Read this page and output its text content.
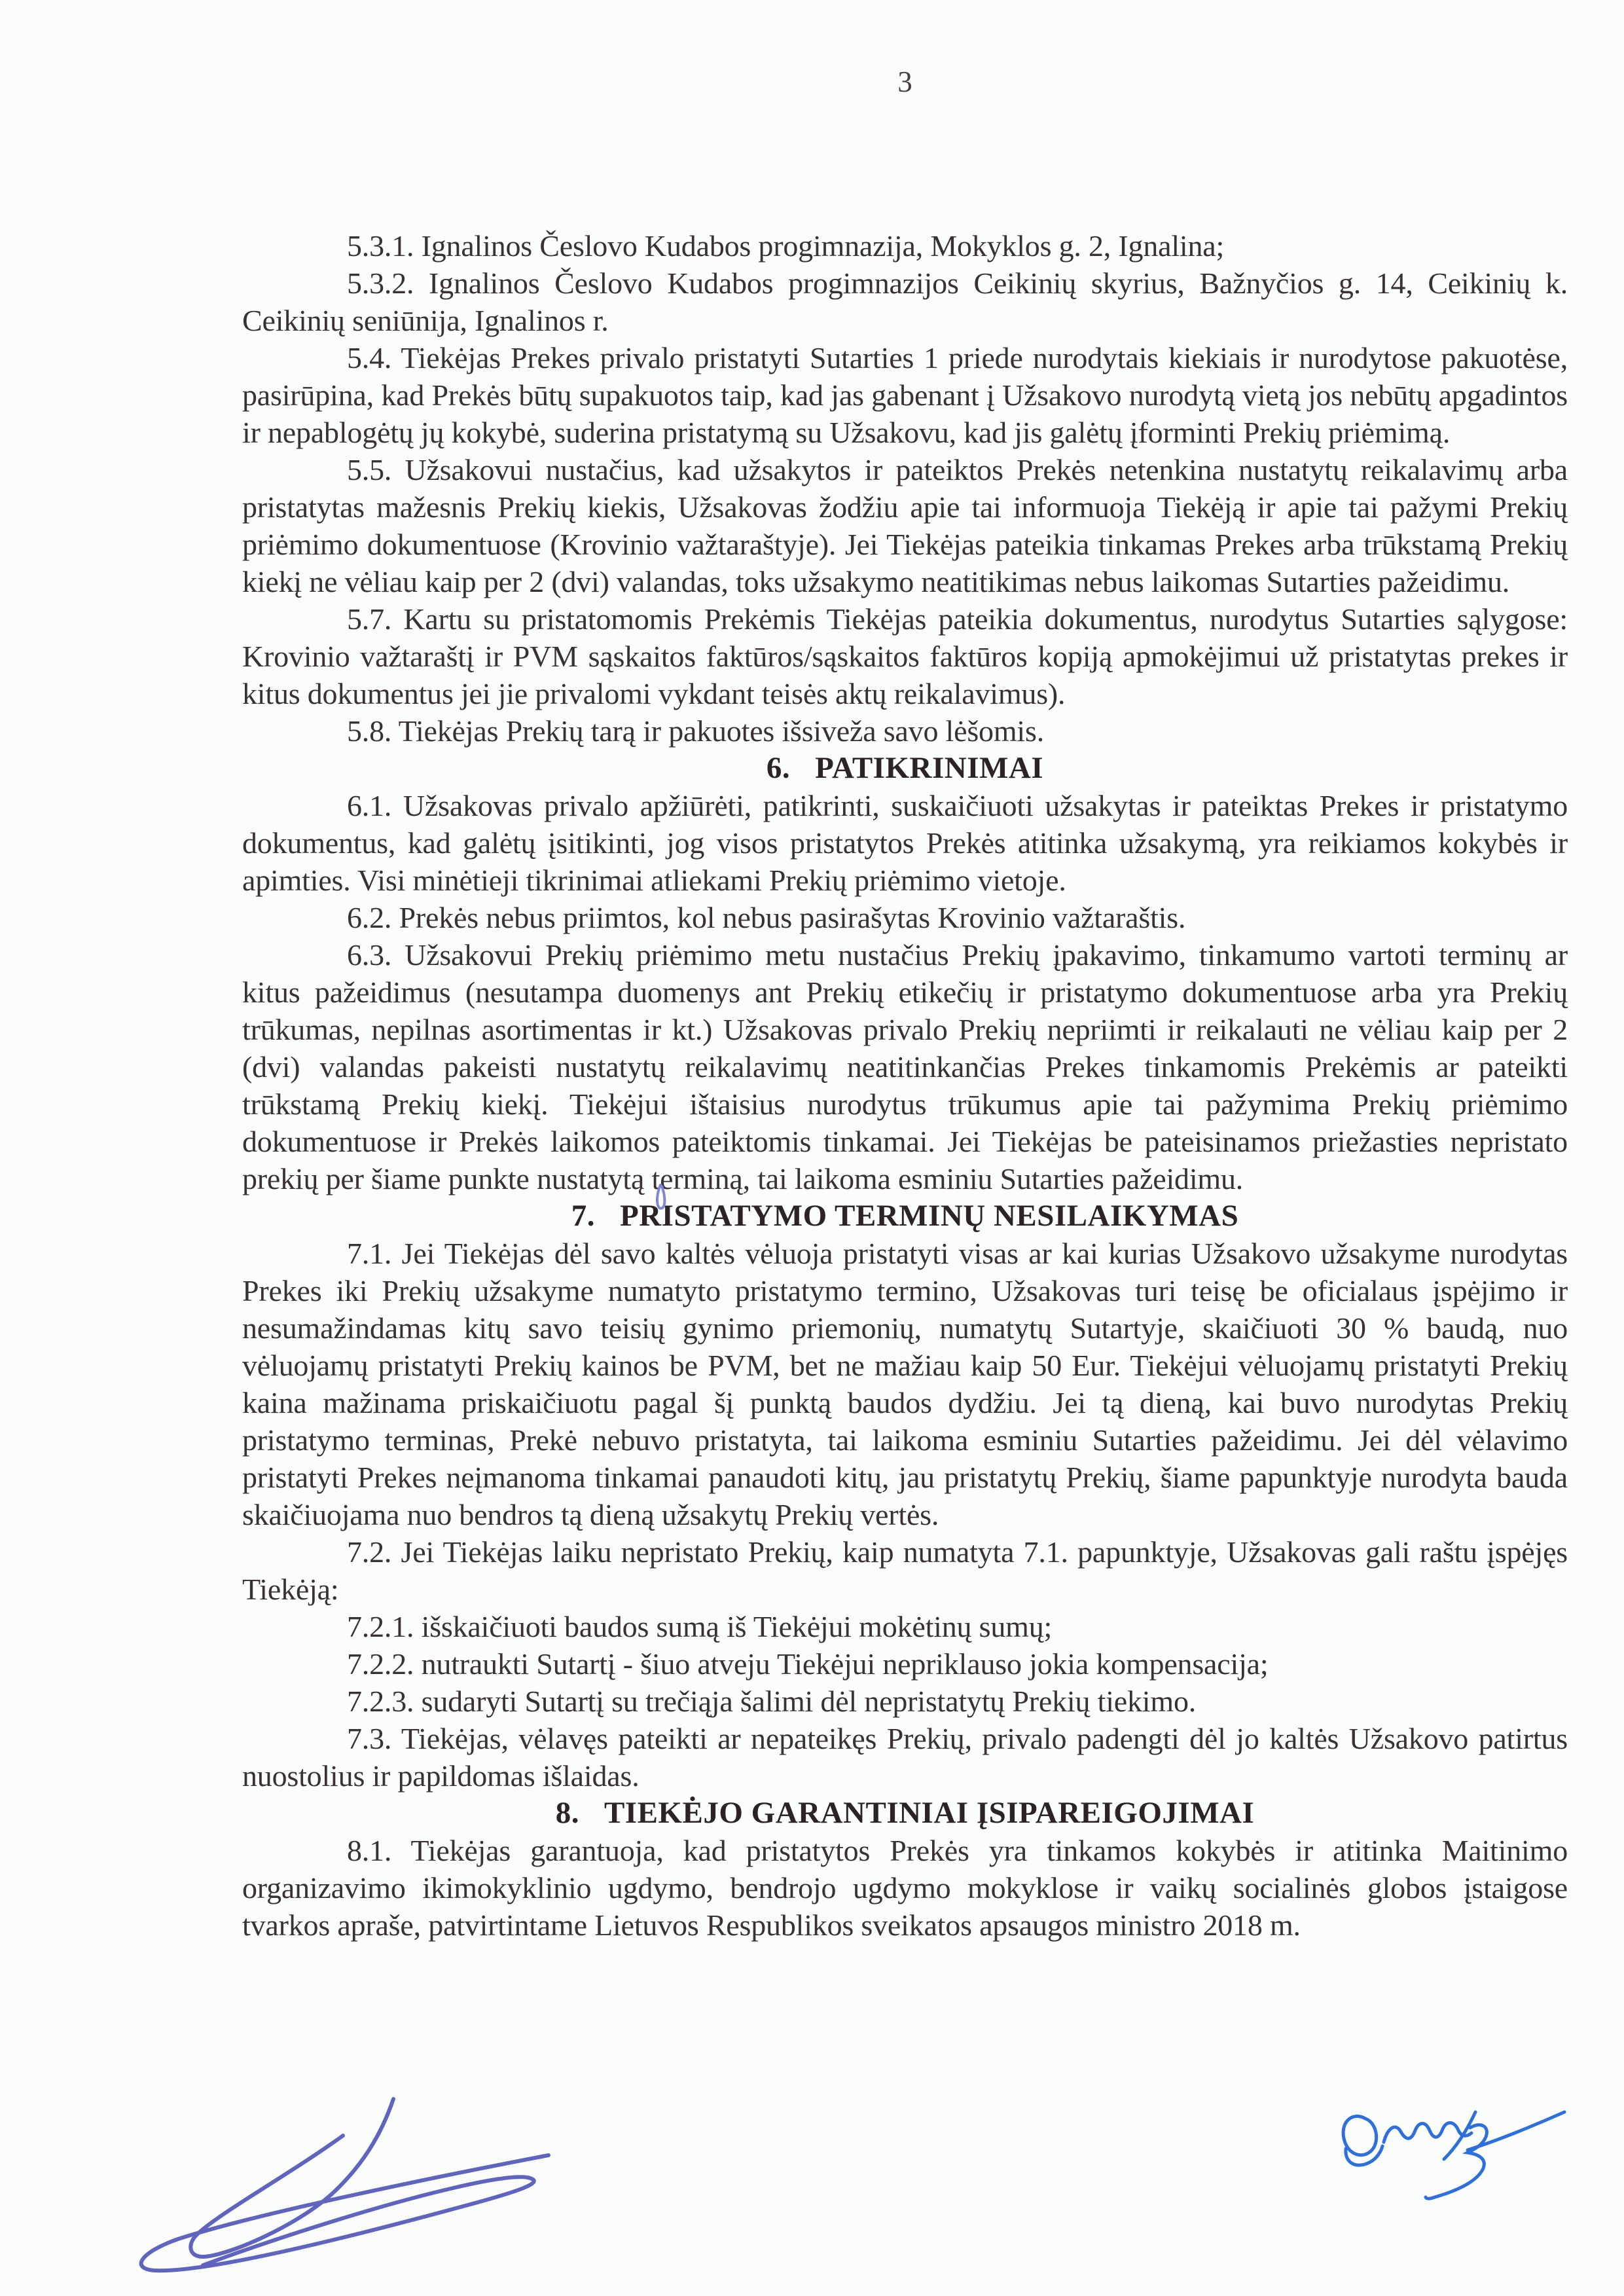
3

5.3.1. Ignalinos Česlovo Kudabos progimnazija, Mokyklos g. 2, Ignalina;

5.3.2. Ignalinos Česlovo Kudabos progimnazijos Ceikinių skyrius, Bažnyčios g. 14, Ceikinių k. Ceikinių seniūnija, Ignalinos r.

5.4. Tiekėjas Prekes privalo pristatyti Sutarties 1 priede nurodytais kiekiais ir nurodytose pakuotėse, pasirūpina, kad Prekės būtų supakuotos taip, kad jas gabenant į Užsakovo nurodytą vietą jos nebūtų apgadintos ir nepablogėtų jų kokybė, suderina pristatymą su Užsakovu, kad jis galėtų įforminti Prekių priėmimą.

5.5. Užsakovui nustačius, kad užsakytos ir pateiktos Prekės netenkina nustatytų reikalavimų arba pristatytas mažesnis Prekių kiekis, Užsakovas žodžiu apie tai informuoja Tiekėją ir apie tai pažymi Prekių priėmimo dokumentuose (Krovinio važtaraštyje). Jei Tiekėjas pateikia tinkamas Prekes arba trūkstamą Prekių kiekį ne vėliau kaip per 2 (dvi) valandas, toks užsakymo neatitikimas nebus laikomas Sutarties pažeidimu.

5.7. Kartu su pristatomomis Prekėmis Tiekėjas pateikia dokumentus, nurodytus Sutarties sąlygose: Krovinio važtaraštį ir PVM sąskaitos faktūros/sąskaitos faktūros kopiją apmokėjimui už pristatytas prekes ir kitus dokumentus jei jie privalomi vykdant teisės aktų reikalavimus).

5.8. Tiekėjas Prekių tarą ir pakuotes išsiveža savo lėšomis.

6. PATIKRINIMAI

6.1. Užsakovas privalo apžiūrėti, patikrinti, suskaičiuoti užsakytas ir pateiktas Prekes ir pristatymo dokumentus, kad galėtų įsitikinti, jog visos pristatytos Prekės atitinka užsakymą, yra reikiamos kokybės ir apimties. Visi minėtieji tikrinimai atliekami Prekių priėmimo vietoje.

6.2. Prekės nebus priimtos, kol nebus pasirašytas Krovinio važtaraštis.

6.3. Užsakovui Prekių priėmimo metu nustačius Prekių įpakavimo, tinkamumo vartoti terminų ar kitus pažeidimus (nesutampa duomenys ant Prekių etikečių ir pristatymo dokumentuose arba yra Prekių trūkumas, nepilnas asortimentas ir kt.) Užsakovas privalo Prekių nepriimti ir reikalauti ne vėliau kaip per 2 (dvi) valandas pakeisti nustatytų reikalavimų neatitinkančias Prekes tinkamomis Prekėmis ar pateikti trūkstamą Prekių kiekį. Tiekėjui ištaisius nurodytus trūkumus apie tai pažymima Prekių priėmimo dokumentuose ir Prekės laikomos pateiktomis tinkamai. Jei Tiekėjas be pateisinamos priežasties nepristato prekių per šiame punkte nustatytą terminą, tai laikoma esminiu Sutarties pažeidimu.

7. PRISTATYMO TERMINŲ NESILAIKYMAS

7.1. Jei Tiekėjas dėl savo kaltės vėluoja pristatyti visas ar kai kurias Užsakovo užsakyme nurodytas Prekes iki Prekių užsakyme numatyto pristatymo termino, Užsakovas turi teisę be oficialaus įspėjimo ir nesumažindamas kitų savo teisių gynimo priemonių, numatytų Sutartyje, skaičiuoti 30 % baudą, nuo vėluojamų pristatyti Prekių kainos be PVM, bet ne mažiau kaip 50 Eur. Tiekėjui vėluojamų pristatyti Prekių kaina mažinama priskaičiuotu pagal šį punktą baudos dydžiu. Jei tą dieną, kai buvo nurodytas Prekių pristatymo terminas, Prekė nebuvo pristatyta, tai laikoma esminiu Sutarties pažeidimu. Jei dėl vėlavimo pristatyti Prekes neįmanoma tinkamai panaudoti kitų, jau pristatytų Prekių, šiame papunktyje nurodyta bauda skaičiuojama nuo bendros tą dieną užsakytų Prekių vertės.

7.2. Jei Tiekėjas laiku nepristato Prekių, kaip numatyta 7.1. papunktyje, Užsakovas gali raštu įspėjęs Tiekėją:

7.2.1. išskaičiuoti baudos sumą iš Tiekėjui mokėtinų sumų;

7.2.2. nutraukti Sutartį - šiuo atveju Tiekėjui nepriklauso jokia kompensacija;

7.2.3. sudaryti Sutartį su trečiąja šalimi dėl nepristatytų Prekių tiekimo.

7.3. Tiekėjas, vėlavęs pateikti ar nepateikęs Prekių, privalo padengti dėl jo kaltės Užsakovo patirtus nuostolius ir papildomas išlaidas.

8. TIEKĖJO GARANTINIAI ĮSIPAREIGOJIMAI

8.1. Tiekėjas garantuoja, kad pristatytos Prekės yra tinkamos kokybės ir atitinka Maitinimo organizavimo ikimokyklinio ugdymo, bendrojo ugdymo mokyklose ir vaikų socialinės globos įstaigose tvarkos apraše, patvirtintame Lietuvos Respublikos sveikatos apsaugos ministro 2018 m.
